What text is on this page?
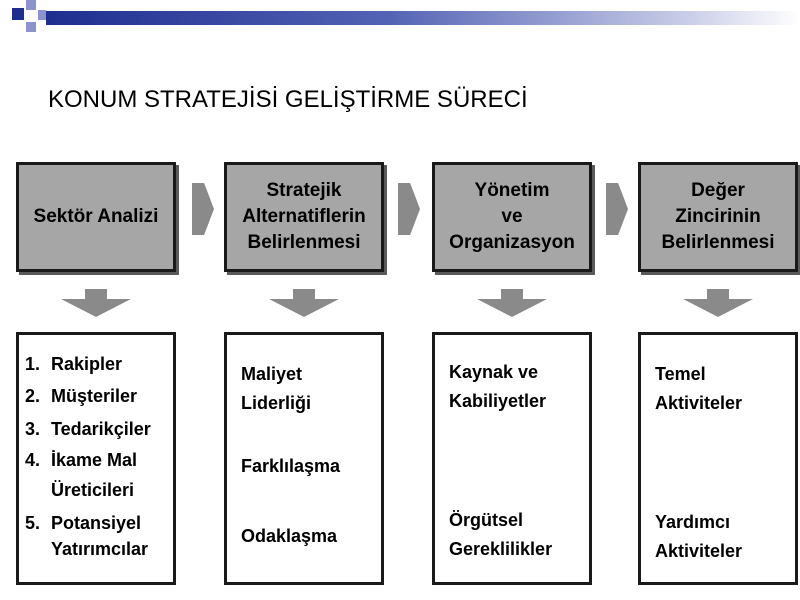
KONUM STRATEJİSİ GELİŞTİRME SÜRECİ
Sektör Analizi
Stratejik
Alternatiflerin
Belirlenmesi
Yönetim
ve
Organizasyon
Değer
Zincirinin
Belirlenmesi
1. Rakipler
2. Müşteriler
3. Tedarikçiler
4. İkame Mal
Üreticileri
5. Potansiyel
Yatırımcılar
Maliyet
Liderliği
Farklılaşma
Odaklaşma
Kaynak ve
Kabiliyetler
Örgütsel
Gereklilikler
Temel
Aktiviteler
Yardımcı
Aktiviteler
